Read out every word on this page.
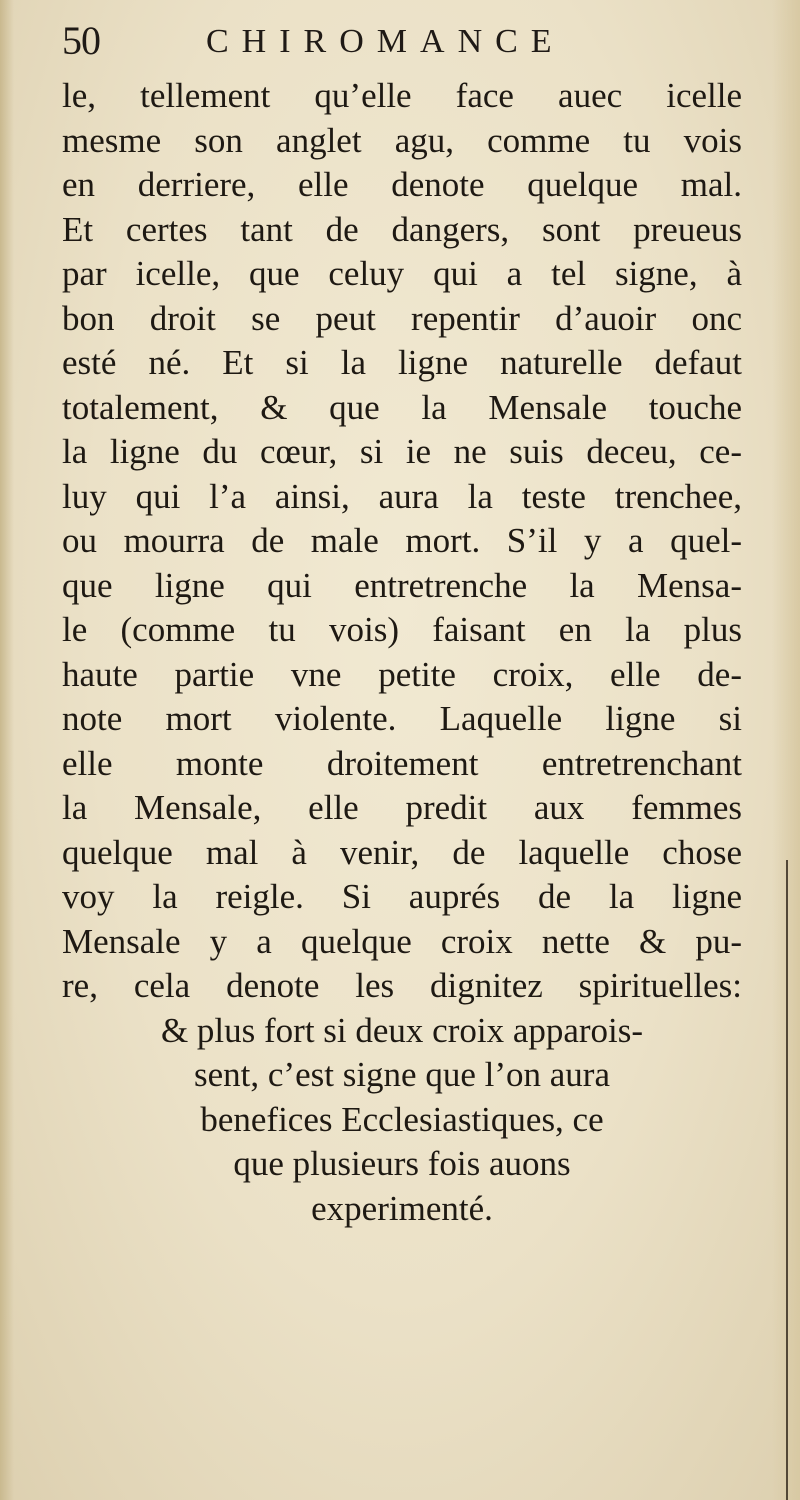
50	CHIROMANCE
le, tellement qu’elle face auec icelle
mesme son anglet agu, comme tu vois
en derriere, elle denote quelque mal.
Et certes tant de dangers, sont preueus
par icelle, que celuy qui a tel signe, à
bon droit se peut repentir d’auoir onc
esté né. Et si la ligne naturelle defaut
totalement, & que la Mensale touche
la ligne du cœur, si ie ne suis deceu, ce-
luy qui l’a ainsi, aura la teste trenchee,
ou mourra de male mort. S’il y a quel-
que ligne qui entretrenche la Mensa-
le (comme tu vois) faisant en la plus
haute partie vne petite croix, elle de-
note mort violente. Laquelle ligne si
elle monte droitement entretrenchant
la Mensale, elle predit aux femmes
quelque mal à venir, de laquelle chose
voy la reigle. Si auprés de la ligne
Mensale y a quelque croix nette & pu-
re, cela denote les dignitez spirituelles:
& plus fort si deux croix apparois-
sent, c’est signe que l’on aura
benefices Ecclesiastiques, ce
que plusieurs fois auons
experimenté.
